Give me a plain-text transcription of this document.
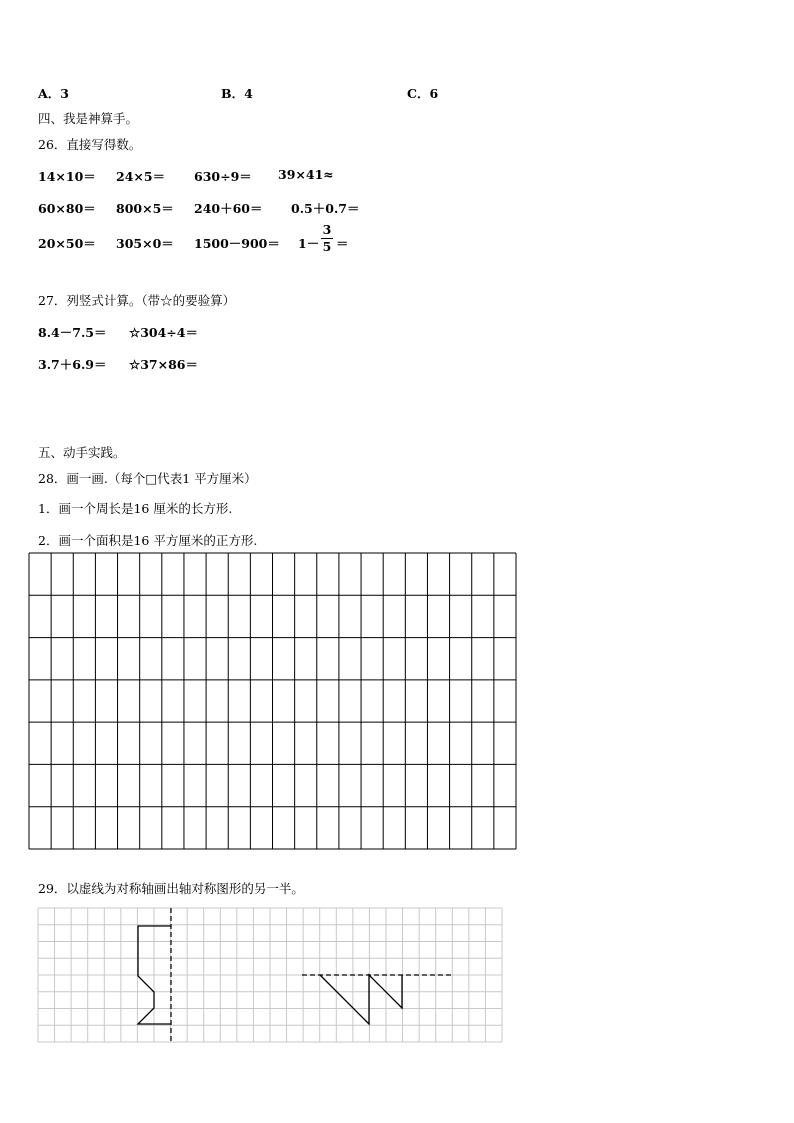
A．3	B．4	C．6
四、我是神算手。
26．直接写得数。
14×10＝ 24×5＝ 630÷9＝ 39×41≈
60×80＝ 800×5＝ 240＋60＝ 0.5＋0.7＝
20×50＝ 305×0＝ 1500－900＝ 1－
3
5 ＝
27．列竖式计算。（带☆的要验算）
8.4－7.5＝ ☆304÷4＝
3.7＋6.9＝ ☆37×86＝
五、动手实践。
28．画一画.（每个□代表1 平方厘米）
1．画一个周长是16 厘米的长方形.
2．画一个面积是16 平方厘米的正方形.
29．以虚线为对称轴画出轴对称图形的另一半。
